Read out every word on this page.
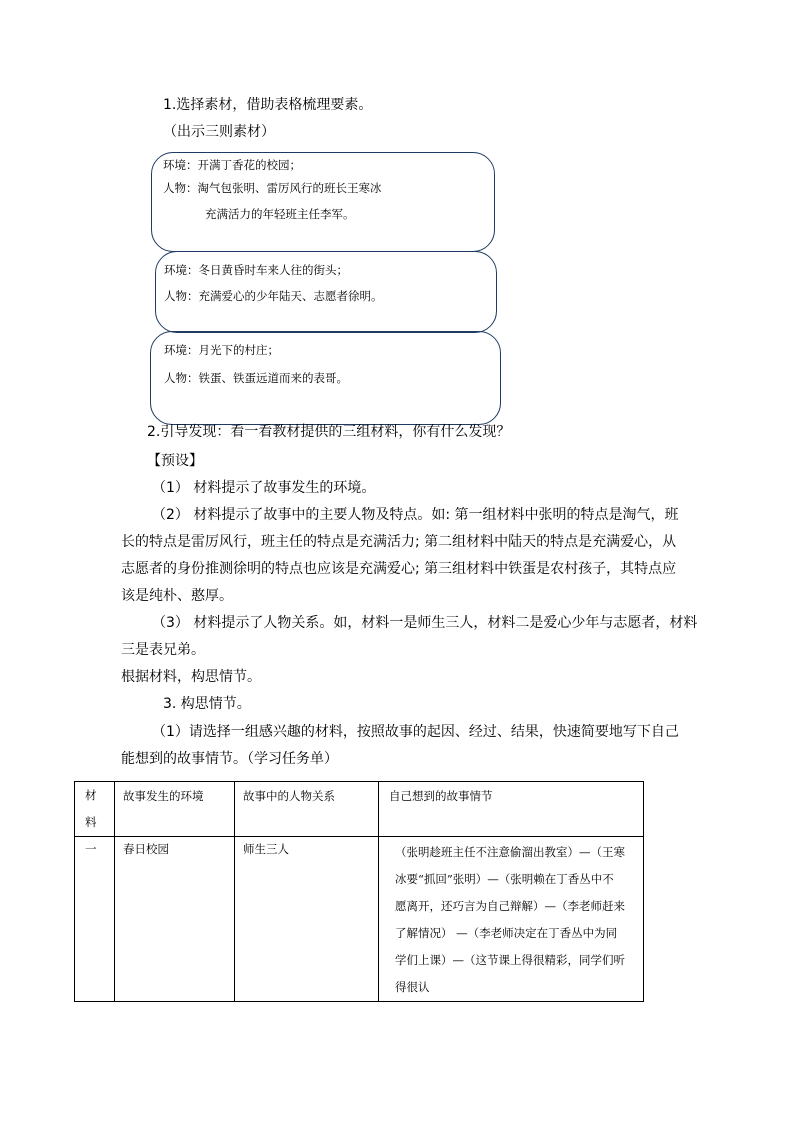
1.选择素材，借助表格梳理要素。
（出示三则素材）
环境：开满丁香花的校园；
人物：淘气包张明、雷厉风行的班长王寒冰
充满活力的年轻班主任李军。
环境：冬日黄昏时车来人往的街头；
人物：充满爱心的少年陆天、志愿者徐明。
环境：月光下的村庄；
人物：铁蛋、铁蛋远道而来的表哥。
2.引导发现：看一看教材提供的三组材料，你有什么发现？
【预设】
（1） 材料提示了故事发生的环境。
（2） 材料提示了故事中的主要人物及特点。如: 第一组材料中张明的特点是淘气，班
长的特点是雷厉风行，班主任的特点是充满活力; 第二组材料中陆天的特点是充满爱心，从
志愿者的身份推测徐明的特点也应该是充满爱心; 第三组材料中铁蛋是农村孩子，其特点应
该是纯朴、憨厚。
（3） 材料提示了人物关系。如，材料一是师生三人，材料二是爱心少年与志愿者，材料
三是表兄弟。
根据材料，构思情节。
3. 构思情节。
（1）请选择一组感兴趣的材料，按照故事的起因、经过、结果，快速简要地写下自己
能想到的故事情节。（学习任务单）
材料	故事发生的环境	故事中的人物关系	自己想到的故事情节

一	春日校园	师生三人	（张明趁班主任不注意偷溜出教室）—（王寒冰要“抓回”张明）—（张明赖在丁香丛中不愿离开，还巧言为自己辩解）—（李老师赶来了解情况） —（李老师决定在丁香丛中为同学们上课）—（这节课上得很精彩，同学们听得很认
